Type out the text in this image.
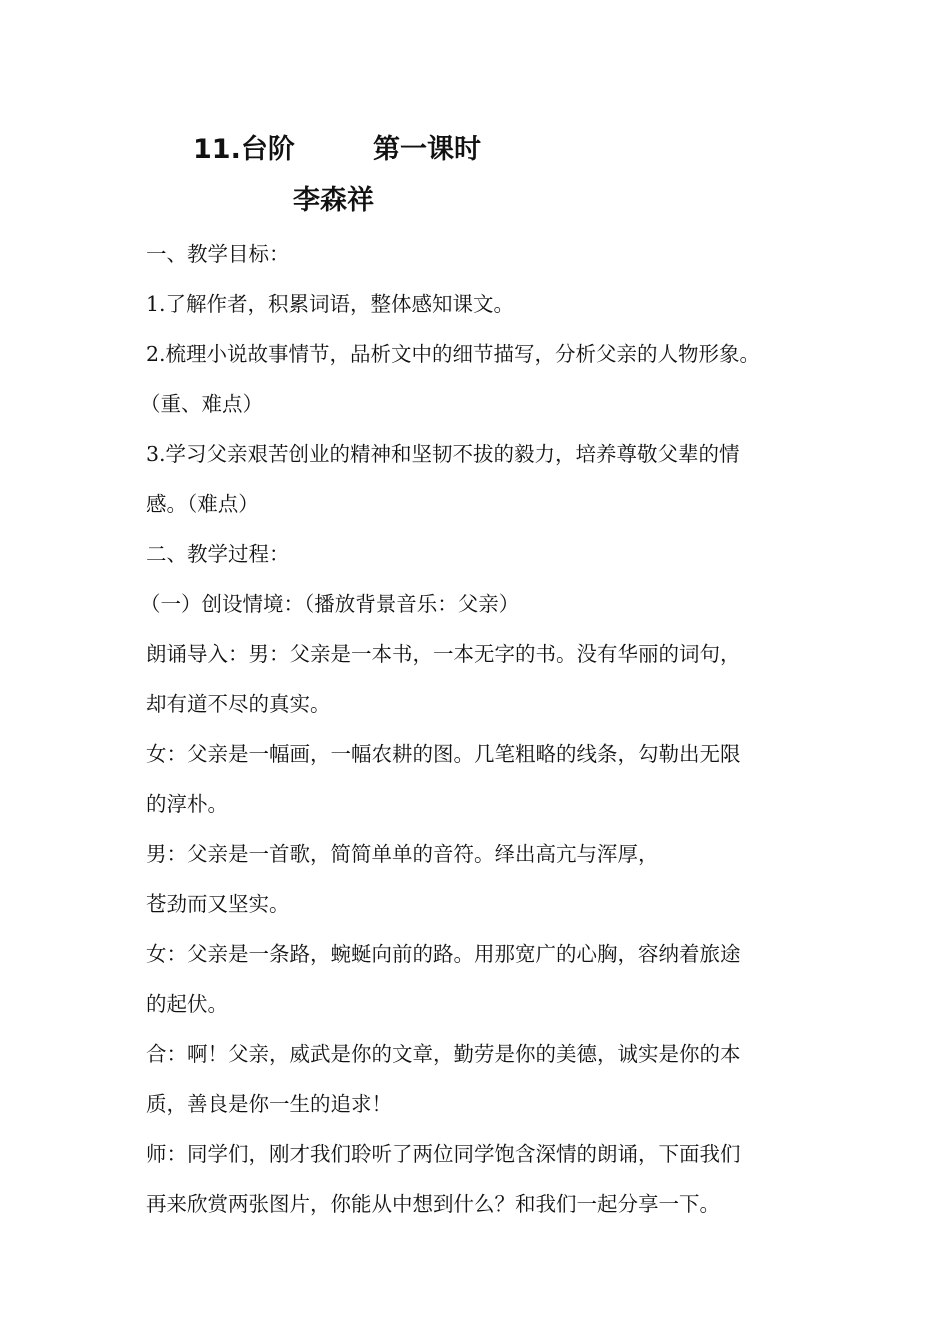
11.台阶	第一课时
李森祥
一、教学目标：
1.了解作者，积累词语，整体感知课文。
2.梳理小说故事情节，品析文中的细节描写，分析父亲的人物形象。
（重、难点）
3.学习父亲艰苦创业的精神和坚韧不拔的毅力，培养尊敬父辈的情
感。（难点）
二、教学过程：
（一）创设情境：（播放背景音乐：父亲）
朗诵导入：男：父亲是一本书，一本无字的书。没有华丽的词句，
却有道不尽的真实。
女：父亲是一幅画，一幅农耕的图。几笔粗略的线条，勾勒出无限
的淳朴。
男：父亲是一首歌，简简单单的音符。绎出高亢与浑厚，
苍劲而又坚实。
女：父亲是一条路，蜿蜒向前的路。用那宽广的心胸，容纳着旅途
的起伏。
合：啊！父亲，威武是你的文章，勤劳是你的美德，诚实是你的本
质，善良是你一生的追求！
师：同学们，刚才我们聆听了两位同学饱含深情的朗诵，下面我们
再来欣赏两张图片，你能从中想到什么？和我们一起分享一下。
